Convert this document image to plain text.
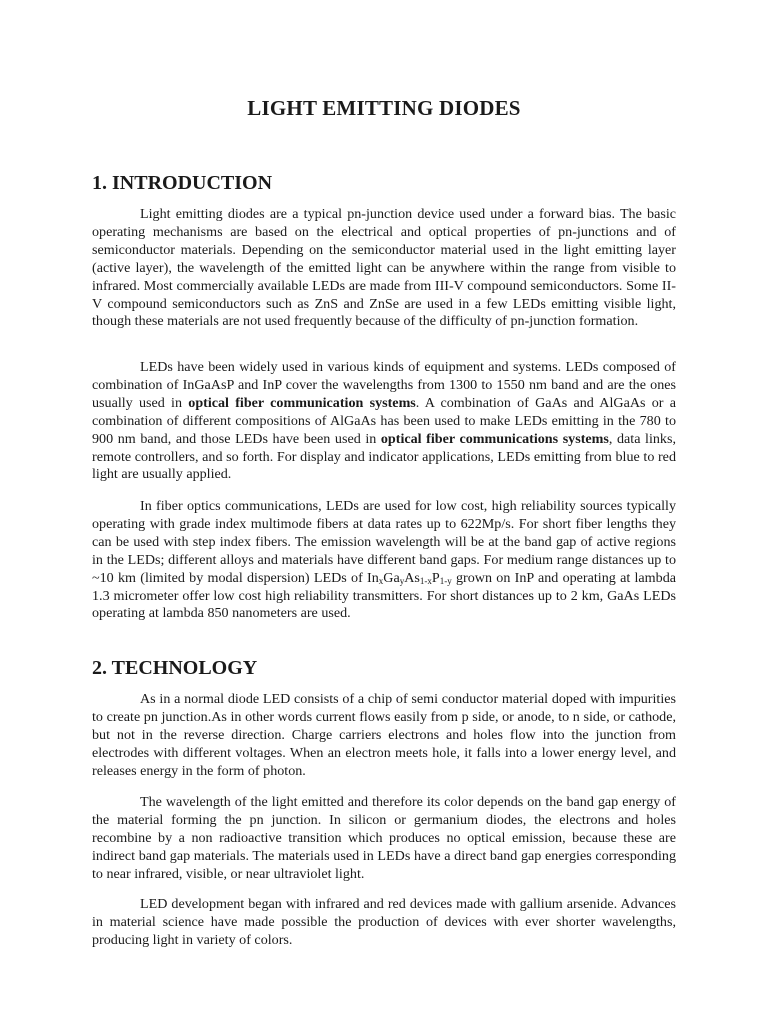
LIGHT EMITTING DIODES
1. INTRODUCTION

Light emitting diodes are a typical pn-junction device used under a forward bias. The basic operating mechanisms are based on the electrical and optical properties of pn-junctions and of semiconductor materials. Depending on the semiconductor material used in the light emitting layer (active layer), the wavelength of the emitted light can be anywhere within the range from visible to infrared. Most commercially available LEDs are made from III-V compound semiconductors. Some II-V compound semiconductors such as ZnS and ZnSe are used in a few LEDs emitting visible light, though these materials are not used frequently because of the difficulty of pn-junction formation.

LEDs have been widely used in various kinds of equipment and systems. LEDs composed of combination of InGaAsP and InP cover the wavelengths from 1300 to 1550 nm band and are the ones usually used in optical fiber communication systems. A combination of GaAs and AlGaAs or a combination of different compositions of AlGaAs has been used to make LEDs emitting in the 780 to 900 nm band, and those LEDs have been used in optical fiber communications systems, data links, remote controllers, and so forth. For display and indicator applications, LEDs emitting from blue to red light are usually applied.

In fiber optics communications, LEDs are used for low cost, high reliability sources typically operating with grade index multimode fibers at data rates up to 622Mp/s. For short fiber lengths they can be used with step index fibers. The emission wavelength will be at the band gap of active regions in the LEDs; different alloys and materials have different band gaps. For medium range distances up to ~10 km (limited by modal dispersion) LEDs of $In_xGa_yAs_{1-x}P_{1-y}$ grown on InP and operating at lambda 1.3 micrometer offer low cost high reliability transmitters. For short distances up to 2 km, GaAs LEDs operating at lambda 850 nanometers are used.

2. TECHNOLOGY

As in a normal diode LED consists of a chip of semi conductor material doped with impurities to create pn junction.As in other words current flows easily from p side, or anode, to n side, or cathode, but not in the reverse direction. Charge carriers electrons and holes flow into the junction from electrodes with different voltages. When an electron meets hole, it falls into a lower energy level, and releases energy in the form of photon.

The wavelength of the light emitted and therefore its color depends on the band gap energy of the material forming the pn junction. In silicon or germanium diodes, the electrons and holes recombine by a non radioactive transition which produces no optical emission, because these are indirect band gap materials. The materials used in LEDs have a direct band gap energies corresponding to near infrared, visible, or near ultraviolet light.

LED development began with infrared and red devices made with gallium arsenide. Advances in material science have made possible the production of devices with ever shorter wavelengths, producing light in variety of colors.
